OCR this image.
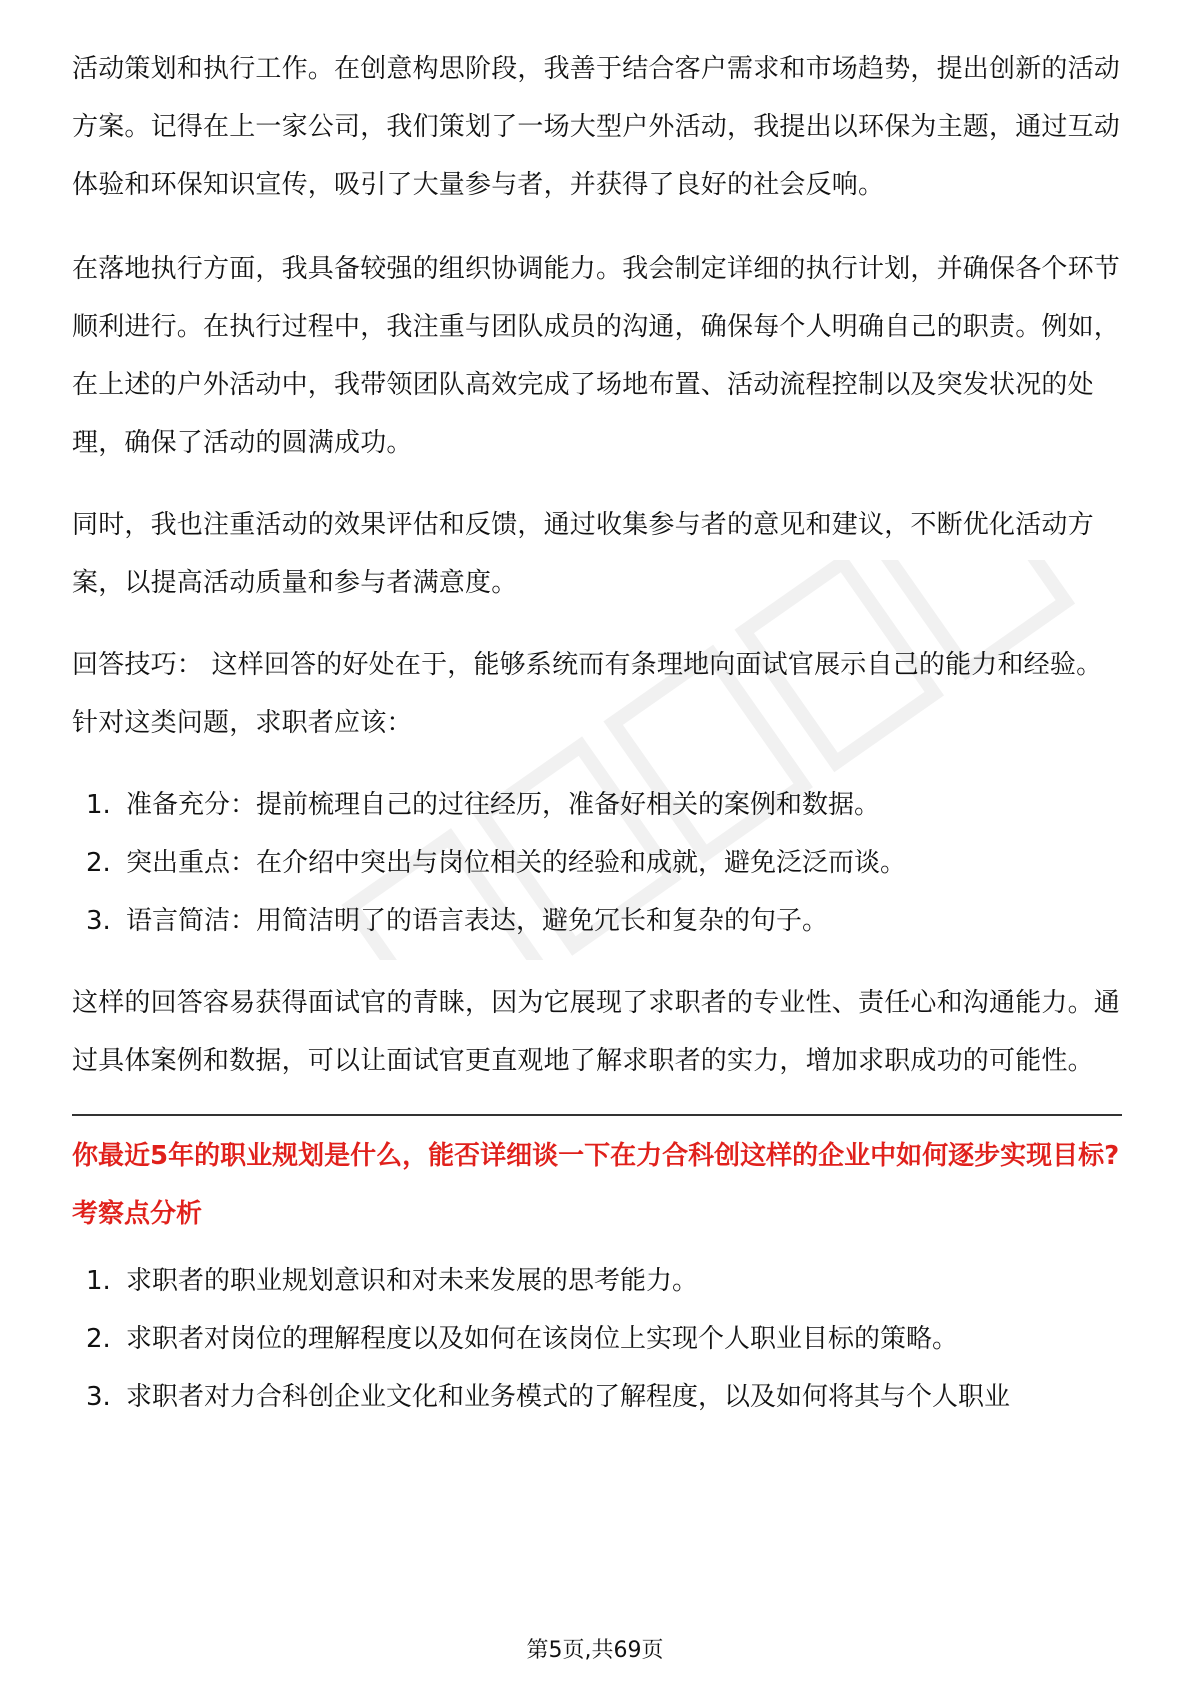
活动策划和执行工作。在创意构思阶段，我善于结合客户需求和市场趋势，提出创新的活动方案。记得在上一家公司，我们策划了一场大型户外活动，我提出以环保为主题，通过互动体验和环保知识宣传，吸引了大量参与者，并获得了良好的社会反响。

在落地执行方面，我具备较强的组织协调能力。我会制定详细的执行计划，并确保各个环节顺利进行。在执行过程中，我注重与团队成员的沟通，确保每个人明确自己的职责。例如，在上述的户外活动中，我带领团队高效完成了场地布置、活动流程控制以及突发状况的处理，确保了活动的圆满成功。

同时，我也注重活动的效果评估和反馈，通过收集参与者的意见和建议，不断优化活动方案，以提高活动质量和参与者满意度。

回答技巧： 这样回答的好处在于，能够系统而有条理地向面试官展示自己的能力和经验。针对这类问题，求职者应该：

1. 准备充分：提前梳理自己的过往经历，准备好相关的案例和数据。
2. 突出重点：在介绍中突出与岗位相关的经验和成就，避免泛泛而谈。
3. 语言简洁：用简洁明了的语言表达，避免冗长和复杂的句子。

这样的回答容易获得面试官的青睐，因为它展现了求职者的专业性、责任心和沟通能力。通过具体案例和数据，可以让面试官更直观地了解求职者的实力，增加求职成功的可能性。

你最近5年的职业规划是什么，能否详细谈一下在力合科创这样的企业中如何逐步实现目标?
考察点分析
1. 求职者的职业规划意识和对未来发展的思考能力。
2. 求职者对岗位的理解程度以及如何在该岗位上实现个人职业目标的策略。
3. 求职者对力合科创企业文化和业务模式的了解程度，以及如何将其与个人职业
第5页,共69页
